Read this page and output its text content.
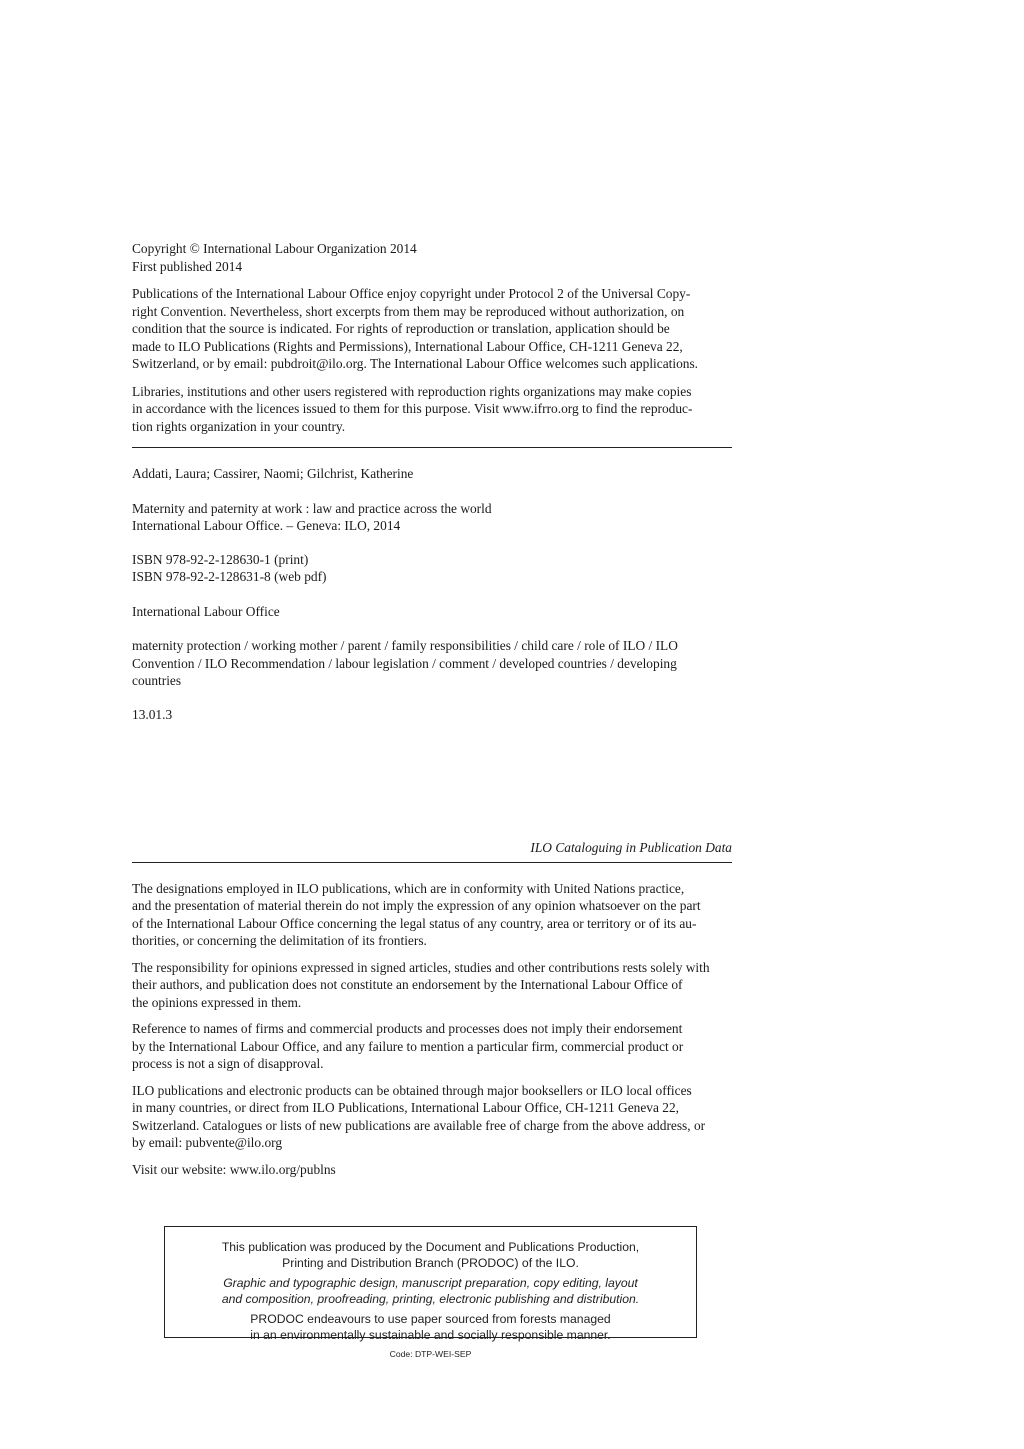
Copyright © International Labour Organization 2014

First published 2014

Publications of the International Labour Office enjoy copyright under Protocol 2 of the Universal Copy-

right Convention. Nevertheless, short excerpts from them may be reproduced without authorization, on

condition that the source is indicated. For rights of reproduction or translation, application should be

made to ILO Publications (Rights and Permissions), International Labour Office, CH-1211 Geneva 22,

Switzerland, or by email: pubdroit@ilo.org. The International Labour Office welcomes such applications.

Libraries, institutions and other users registered with reproduction rights organizations may make copies

in accordance with the licences issued to them for this purpose. Visit www.ifrro.org to find the reproduc-

tion rights organization in your country.

Addati, Laura; Cassirer, Naomi; Gilchrist, Katherine

Maternity and paternity at work : law and practice across the world

International Labour Office. – Geneva: ILO, 2014

ISBN 978-92-2-128630-1 (print)

ISBN 978-92-2-128631-8 (web pdf)

International Labour Office

maternity protection / working mother / parent / family responsibilities / child care / role of ILO / ILO

Convention / ILO Recommendation / labour legislation / comment / developed countries / developing

countries

13.01.3

ILO Cataloguing in Publication Data

The designations employed in ILO publications, which are in conformity with United Nations practice,

and the presentation of material therein do not imply the expression of any opinion whatsoever on the part

of the International Labour Office concerning the legal status of any country, area or territory or of its au-

thorities, or concerning the delimitation of its frontiers.

The responsibility for opinions expressed in signed articles, studies and other contributions rests solely with

their authors, and publication does not constitute an endorsement by the International Labour Office of

the opinions expressed in them.

Reference to names of firms and commercial products and processes does not imply their endorsement

by the International Labour Office, and any failure to mention a particular firm, commercial product or

process is not a sign of disapproval.

ILO publications and electronic products can be obtained through major booksellers or ILO local offices

in many countries, or direct from ILO Publications, International Labour Office, CH-1211 Geneva 22,

Switzerland. Catalogues or lists of new publications are available free of charge from the above address, or

by email: pubvente@ilo.org

Visit our website: www.ilo.org/publns

This publication was produced by the Document and Publications Production,

Printing and Distribution Branch (PRODOC) of the ILO.

Graphic and typographic design, manuscript preparation, copy editing, layout

and composition, proofreading, printing, electronic publishing and distribution.

PRODOC endeavours to use paper sourced from forests managed

in an environmentally sustainable and socially responsible manner.

Code: DTP-WEI-SEP
